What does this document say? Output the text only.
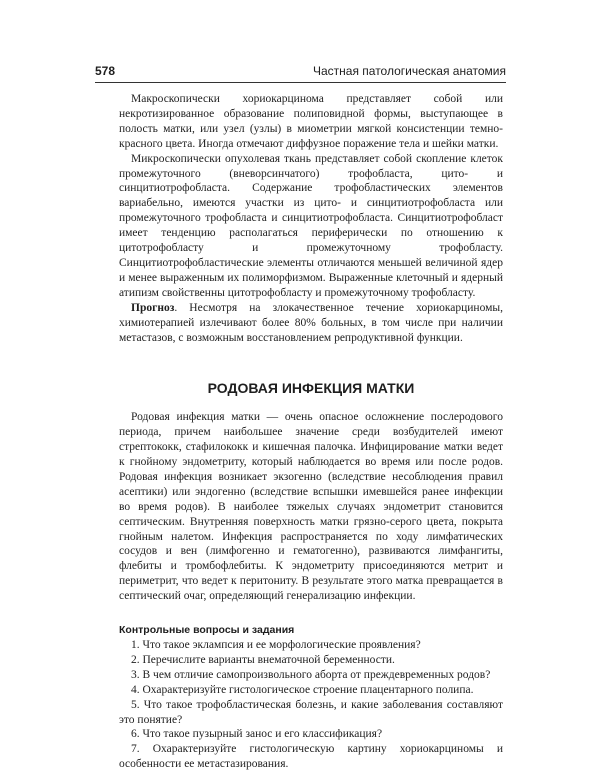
578	Частная патологическая анатомия

Макроскопически хориокарцинома представляет собой или некротизированное образование полиповидной формы, выступающее в полость матки, или узел (узлы) в миометрии мягкой консистенции темно-красного цвета. Иногда отмечают диффузное поражение тела и шейки матки.

Микроскопически опухолевая ткань представляет собой скопление клеток промежуточного (вневорсинчатого) трофобласта, цито- и синцитиотрофобласта. Содержание трофобластических элементов вариабельно, имеются участки из цито- и синцитиотрофобласта или промежуточного трофобласта и синцитиотрофобласта. Синцитиотрофобласт имеет тенденцию располагаться периферически по отношению к цитотрофобласту и промежуточному трофобласту. Синцитиотрофобластические элементы отличаются меньшей величиной ядер и менее выраженным их полиморфизмом. Выраженные клеточный и ядерный атипизм свойственны цитотрофобласту и промежуточному трофобласту.

Прогноз. Несмотря на злокачественное течение хориокарциномы, химиотерапией излечивают более 80% больных, в том числе при наличии метастазов, с возможным восстановлением репродуктивной функции.

РОДОВАЯ ИНФЕКЦИЯ МАТКИ

Родовая инфекция матки — очень опасное осложнение послеродового периода, причем наибольшее значение среди возбудителей имеют стрептококк, стафилококк и кишечная палочка. Инфицирование матки ведет к гнойному эндометриту, который наблюдается во время или после родов. Родовая инфекция возникает экзогенно (вследствие несоблюдения правил асептики) или эндогенно (вследствие вспышки имевшейся ранее инфекции во время родов). В наиболее тяжелых случаях эндометрит становится септическим. Внутренняя поверхность матки грязно-серого цвета, покрыта гнойным налетом. Инфекция распространяется по ходу лимфатических сосудов и вен (лимфогенно и гематогенно), развиваются лимфангиты, флебиты и тромбофлебиты. К эндометриту присоединяются метрит и периметрит, что ведет к перитониту. В результате этого матка превращается в септический очаг, определяющий генерализацию инфекции.

Контрольные вопросы и задания

1. Что такое эклампсия и ее морфологические проявления?

2. Перечислите варианты внематочной беременности.

3. В чем отличие самопроизвольного аборта от преждевременных родов?

4. Охарактеризуйте гистологическое строение плацентарного полипа.

5. Что такое трофобластическая болезнь, и какие заболевания составляют это понятие?

6. Что такое пузырный занос и его классификация?

7. Охарактеризуйте гистологическую картину хориокарциномы и особенности ее метастазирования.
